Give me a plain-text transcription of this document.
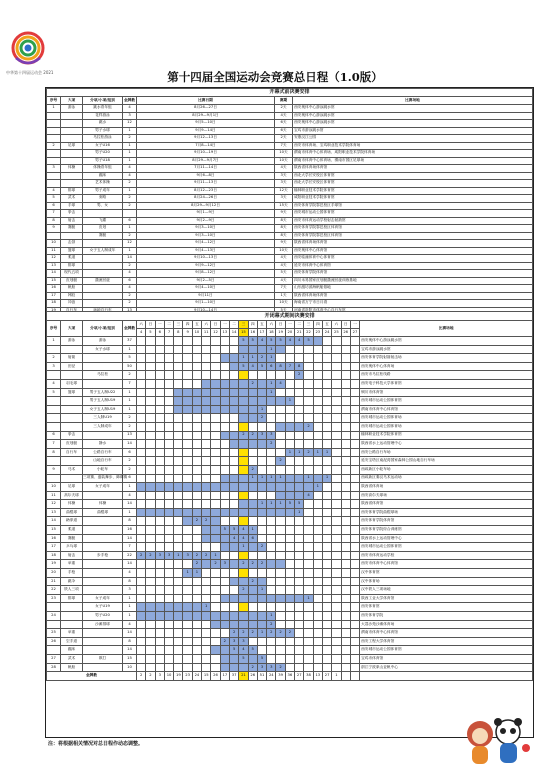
中华第十四届运动会 2021	第十四届全国运动会竞赛总日程（1.0版）
开幕式前决赛安排						
序号	大项	分项/小项/组别	金牌数	比赛日期	赛期	比赛场地
1	游泳	跳水青年组	4	8月26—27日	2天	西安奥体中心游泳跳水馆
		花样游泳	3	8月29—9月1日	4天	西安奥体中心游泳跳水馆
		跳水	12	9月5—10日	6天	西安奥体中心游泳跳水馆
		男子水球	1	9月9—14日	6天	宝鸡市游泳跳水馆
		马拉松游泳	2	9月12—13日	2天	安康汉江公园
2	足球	女子U16	1	7月8—14日	7天	西安市体育场、宝鸡职业技术学院体育场
		男子U20	1	9月10—19日	10天	渭南市体育中心体育场、咸阳职业技术学院体育场
		男子U18	1	8月29—9月7日	10天	渭南市体育中心体育场、渭南市园区足球场
3	体操	体操青年组	4	7月11—14日	4天	陕西省体育场体育馆
		蹦床	4	9月6—8日	3天	西北大学长安校区体育馆
		艺术体操	2	9月11—13日	3天	西北大学长安校区体育馆
4	排球	男子成年	1	8月12—23日	12天	榆林职业技术学院体育馆
5	武术	套路	2	8月24—26日	3天	咸阳职业技术学院体育馆
6	手球	男、女	2	8月29—9月12日	15天	西安体育学院鄠邑校区手球馆
7	拳击			9月1—9日	9天	西安城市运动公园体育馆
8	射击	飞碟	6	9月2—9日	8天	西安市体育运动学校射击射箭馆
9	赛艇	皮划	1	9月3—10日	8天	西安体育学院鄠邑校区体育馆
		赛艇	2	9月3—10日	8天	西安体育学院鄠邑校区体育馆
10	击剑		12	9月4—12日	9天	陕西省体育场体育馆
11	篮球	女子五人制成年	1	9月4—13日	10天	西安奥体中心体育馆
12	柔道		14	9月10—13日	4天	西安临潼体育中心体育馆
13	排球		2	9月9—12日	4天	延安市体育中心体育馆
14	现代五项		4	9月8—12日	5天	西安体育学院体育馆
15	皮划艇	激流回旋	6	9月2—5日	4天	四川米易国家皮划艇激流回旋训练基地
16	帆船		4	9月4—10日	7天	山东潍坊滨海帆船基地
17	摔跤		2	9月11日	1天	陕西省体育场体育馆
18	冲浪		2	9月1—10日	10天	海南省万宁市日月湾
19	自行车	场地自行车	13	9月10—14日	5天	河南省洛阳市体育中心自行车馆
开闭幕式期间决赛安排																												
序号	大项	分项/小项/组别	金牌数	六	日	一	二	三	四	五	六	日	一	二	三	四	五	六	日	一	二	三	四	五	六	日	一	比赛场地
				4	5	6	7	8	9	10	11	12	13	14	15	16	17	18	19	20	21	22	23	24	25	26	27	
1	游泳	游泳	37												5	5	4	5	5	4	4	5						西安奥体中心游泳跳水馆
		女子水球	1															1										宝鸡市游泳跳水馆
2	射箭		5												1	1	2	1										西安体育学院射箭射击场
3	田径		50												5	4	5	6	8	7	8							西安奥体中心体育场
		马拉松	2																		2							西安市马拉松线路
4	羽毛球		7													2		1	4									西安电子科技大学体育馆
5	篮球	男子五人制U22	1															1										铜川市体育馆
		男子五人制U19	1																	1								西安城市运动公园体育馆
		女子五人制U19	1														1											渭南市体育中心体育馆
		三人制U19	2														2											西安城市运动公园体育场
		三人制成年	2																			2						西安城市运动公园体育场
6	拳击		13												2	2	3	3										榆林职业技术学院体育馆
7	皮划艇	静水	14															2										陕西省水上运动管理中心
8	自行车	公路自行车	6																	1	1	2	1	1				西安公路自行车场
		山地自行车	2																2									延安宝塔区南泥湾国家森林公园山地自行车场
9	马术	小轮车	2													2												西咸新区小轮车场
		三项赛、盛装舞步、障碍赛	6													1	1	1	1			1		1				西咸新区秦汉马术运动场
10	足球	女子成年	1																				1					陕西省体育场
11	高尔夫球		4																			4						西安高尔夫球场
12	体操	体操	14														1	1	1	5	5							陕西省体育馆
13	曲棍球	曲棍球	1																		1							西安体育学院曲棍球场
14	跆拳道		8							2	2																	西安体育学院体育馆
15	柔道		16										5	5	4	1												西安体育学院综合训练馆
16	赛艇		14											4	4	6												陕西省水上运动管理中心
17	乒乓球		7												1		2											西安城市运动公园体育馆
18	射击	步手枪	22	2	2	3	3	1	3	2	2	1																西安市体育运动学校
19	举重		14							2		2	3		2	2	2											西安市体育中心体育馆
20	手枪		4						1	1																		汉中体育馆
21	跳伞		8													2												汉中体育场
22	铁人三项		3												2		1											汉中铁人三项场地
23	排球	女子成年	1																			1						陕西工业大学体育馆
		女子U19	1								1																	西安体育馆
24		男子U20	1															1										西安体育学院
		沙滩排球	4															2										大荔沙苑沙滩体育场
25	举重		14											2	2	2	1	2	2	2								渭南市体育中心体育馆
26	空手道		8										2	3	3													西安工程大学体育馆
	蹦床		14											5	4	5												西安城市运动公园体育馆
27	武术	散打	15												5		5											宝鸡市体育馆
28	帆船		10													2	3	3	2									浙江宁波象山亚帆中心
金牌数				2	2	3	10	19	23	24	15	26	17	37	21	26	51	24	39	36	27	38	13	27	1			
注：将根据相关情况对总日程作动态调整。
